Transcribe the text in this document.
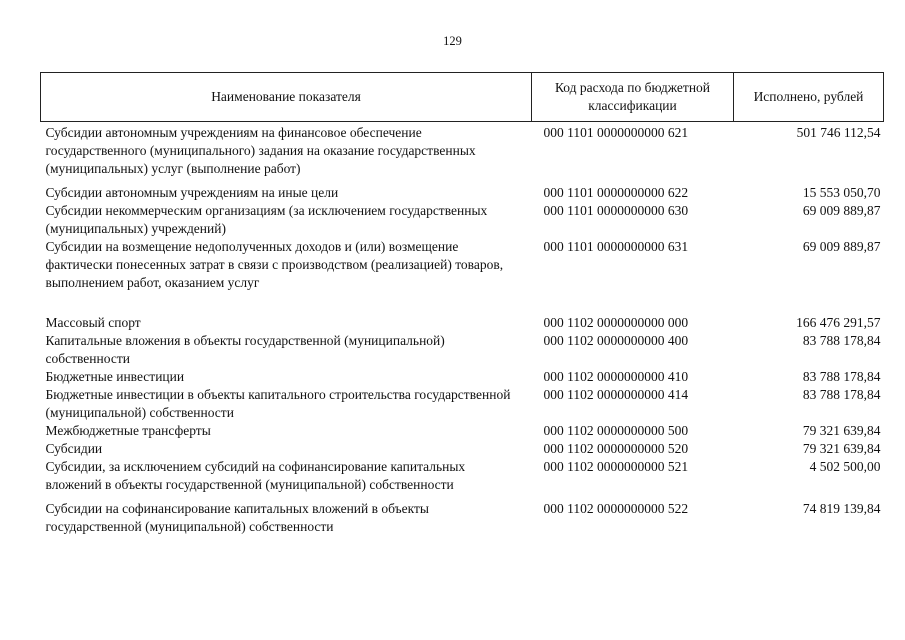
129
Наименование показателя	Код расхода по бюджетной классификации	Исполнено, рублей
Субсидии автономным учреждениям на финансовое обеспечение государственного (муниципального) задания на оказание государственных (муниципальных) услуг (выполнение работ)	000 1101 0000000000 621	501 746 112,54
Субсидии автономным учреждениям на иные цели	000 1101 0000000000 622	15 553 050,70
Субсидии некоммерческим организациям (за исключением государственных (муниципальных) учреждений)	000 1101 0000000000 630	69 009 889,87
Субсидии на возмещение недополученных доходов и (или) возмещение фактически понесенных затрат в связи с производством (реализацией) товаров, выполнением работ, оказанием услуг	000 1101 0000000000 631	69 009 889,87
Массовый спорт	000 1102 0000000000 000	166 476 291,57
Капитальные вложения в объекты государственной (муниципальной) собственности	000 1102 0000000000 400	83 788 178,84
Бюджетные инвестиции	000 1102 0000000000 410	83 788 178,84
Бюджетные инвестиции в объекты капитального строительства государственной (муниципальной) собственности	000 1102 0000000000 414	83 788 178,84
Межбюджетные трансферты	000 1102 0000000000 500	79 321 639,84
Субсидии	000 1102 0000000000 520	79 321 639,84
Субсидии, за исключением субсидий на софинансирование капитальных вложений в объекты государственной (муниципальной) собственности	000 1102 0000000000 521	4 502 500,00
Субсидии на софинансирование капитальных вложений в объекты государственной (муниципальной) собственности	000 1102 0000000000 522	74 819 139,84
